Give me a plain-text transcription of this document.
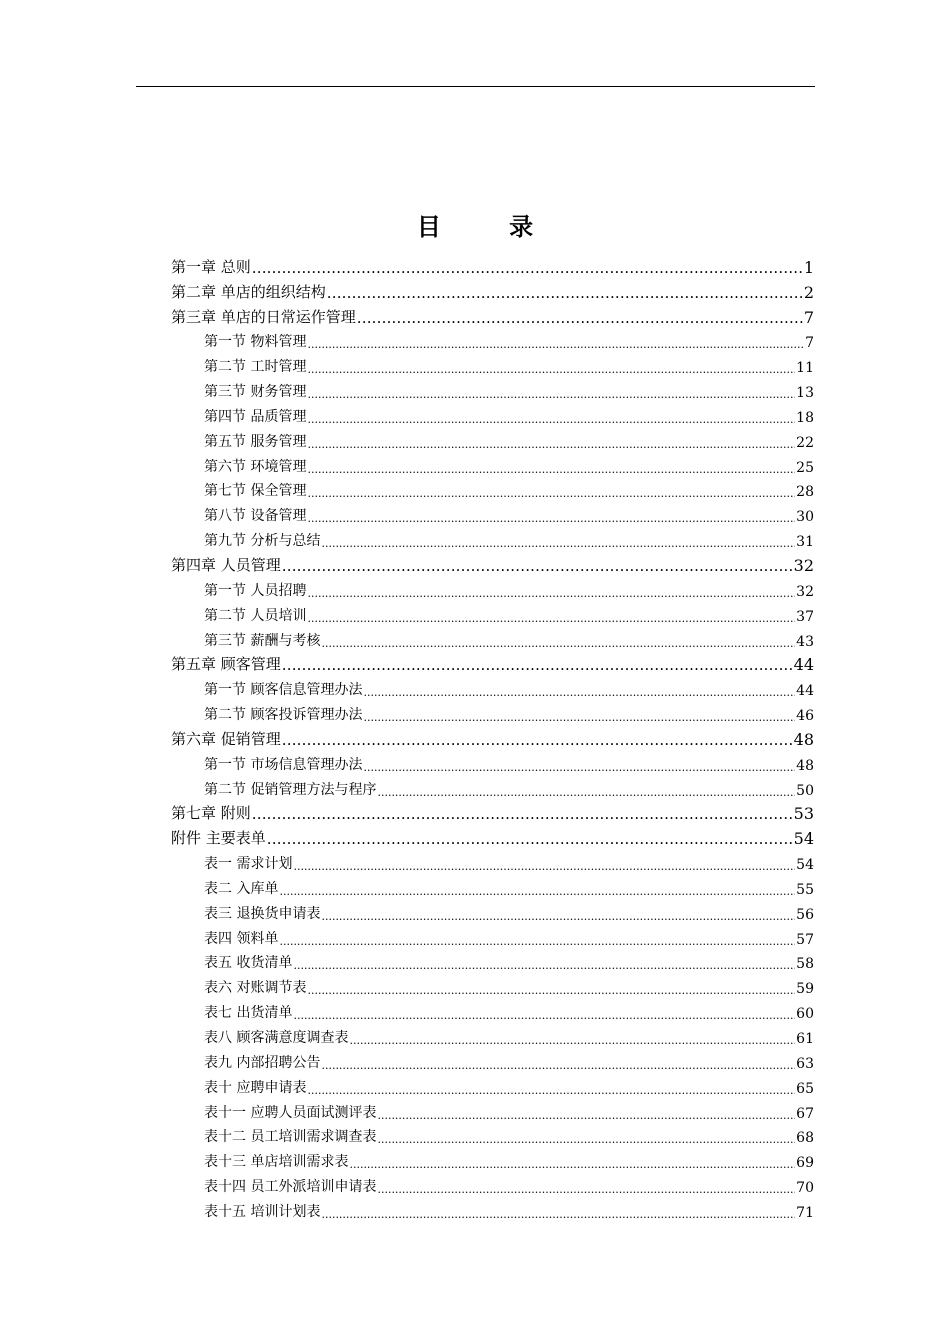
目 录
第一章 总则 .....	1
第二章 单店的组织结构 .....	2
第三章 单店的日常运作管理 .....	7
第一节 物料管理 .....	7
第二节 工时管理 .....	11
第三节 财务管理 .....	13
第四节 品质管理 .....	18
第五节 服务管理 .....	22
第六节 环境管理 .....	25
第七节 保全管理 .....	28
第八节 设备管理 .....	30
第九节 分析与总结 .....	31
第四章 人员管理 .....	32
第一节 人员招聘 .....	32
第二节 人员培训 .....	37
第三节 薪酬与考核 .....	43
第五章 顾客管理 .....	44
第一节 顾客信息管理办法 .....	44
第二节 顾客投诉管理办法 .....	46
第六章 促销管理 .....	48
第一节 市场信息管理办法 .....	48
第二节 促销管理方法与程序 .....	50
第七章 附则 .....	53
附件 主要表单 .....	54
表一 需求计划 .....	54
表二 入库单 .....	55
表三 退换货申请表 .....	56
表四 领料单 .....	57
表五 收货清单 .....	58
表六 对账调节表 .....	59
表七 出货清单 .....	60
表八 顾客满意度调查表 .....	61
表九 内部招聘公告 .....	63
表十 应聘申请表 .....	65
表十一 应聘人员面试测评表 .....	67
表十二 员工培训需求调查表 .....	68
表十三 单店培训需求表 .....	69
表十四 员工外派培训申请表 .....	70
表十五 培训计划表 .....	71
